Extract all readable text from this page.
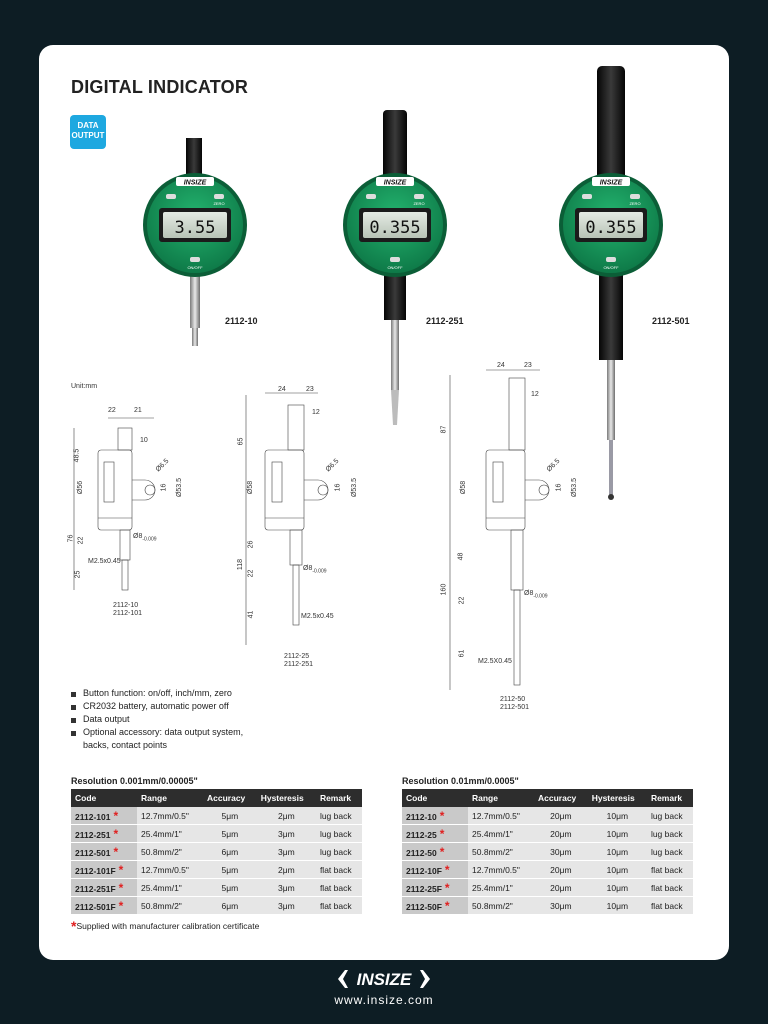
DIGITAL INDICATOR
DATA
OUTPUT
3.55
INSIZE
ZERO
ON/OFF
0.355
INSIZE
ZERO
ON/OFF
0.355
INSIZE
ZERO
ON/OFF
2112-10	2112-251	2112-501
Unit:mm
22	21
10
48.5
Ø6.5
16 Ø53.5
Ø56
76 22
$Ø8_{-0.009}$
25
M2.5x0.45
2112-10
2112-101
24	23
12
65
Ø6.5
16 Ø53.5
Ø58
118
26
22
$Ø8_{-0.009}$
41	M2.5x0.45
2112-25
2112-251
24	23
12
87
Ø6.5
16 Ø53.5
Ø58
160
48
22
$Ø8_{-0.009}$
61
M2.5X0.45
2112-50
2112-501
Button function: on/off, inch/mm, zero
CR2032 battery, automatic power off
Data output
Optional accessory: data output system,
backs, contact points
Resolution 0.001mm/0.00005"
Code	Range	Accuracy	Hysteresis	Remark
2112-101 *	12.7mm/0.5"	5μm	2μm	lug back
2112-251 *	25.4mm/1"	5μm	3μm	lug back
2112-501 *	50.8mm/2"	6μm	3μm	lug back
2112-101F *	12.7mm/0.5"	5μm	2μm	flat back
2112-251F *	25.4mm/1"	5μm	3μm	flat back
2112-501F *	50.8mm/2"	6μm	3μm	flat back
Resolution 0.01mm/0.0005"
Code	Range	Accuracy	Hysteresis	Remark
2112-10 *	12.7mm/0.5"	20μm	10μm	lug back
2112-25 *	25.4mm/1"	20μm	10μm	lug back
2112-50 *	50.8mm/2"	30μm	10μm	lug back
2112-10F *	12.7mm/0.5"	20μm	10μm	flat back
2112-25F *	25.4mm/1"	20μm	10μm	flat back
2112-50F *	50.8mm/2"	30μm	10μm	flat back
*Supplied with manufacturer calibration certificate
INSIZE
www.insize.com
